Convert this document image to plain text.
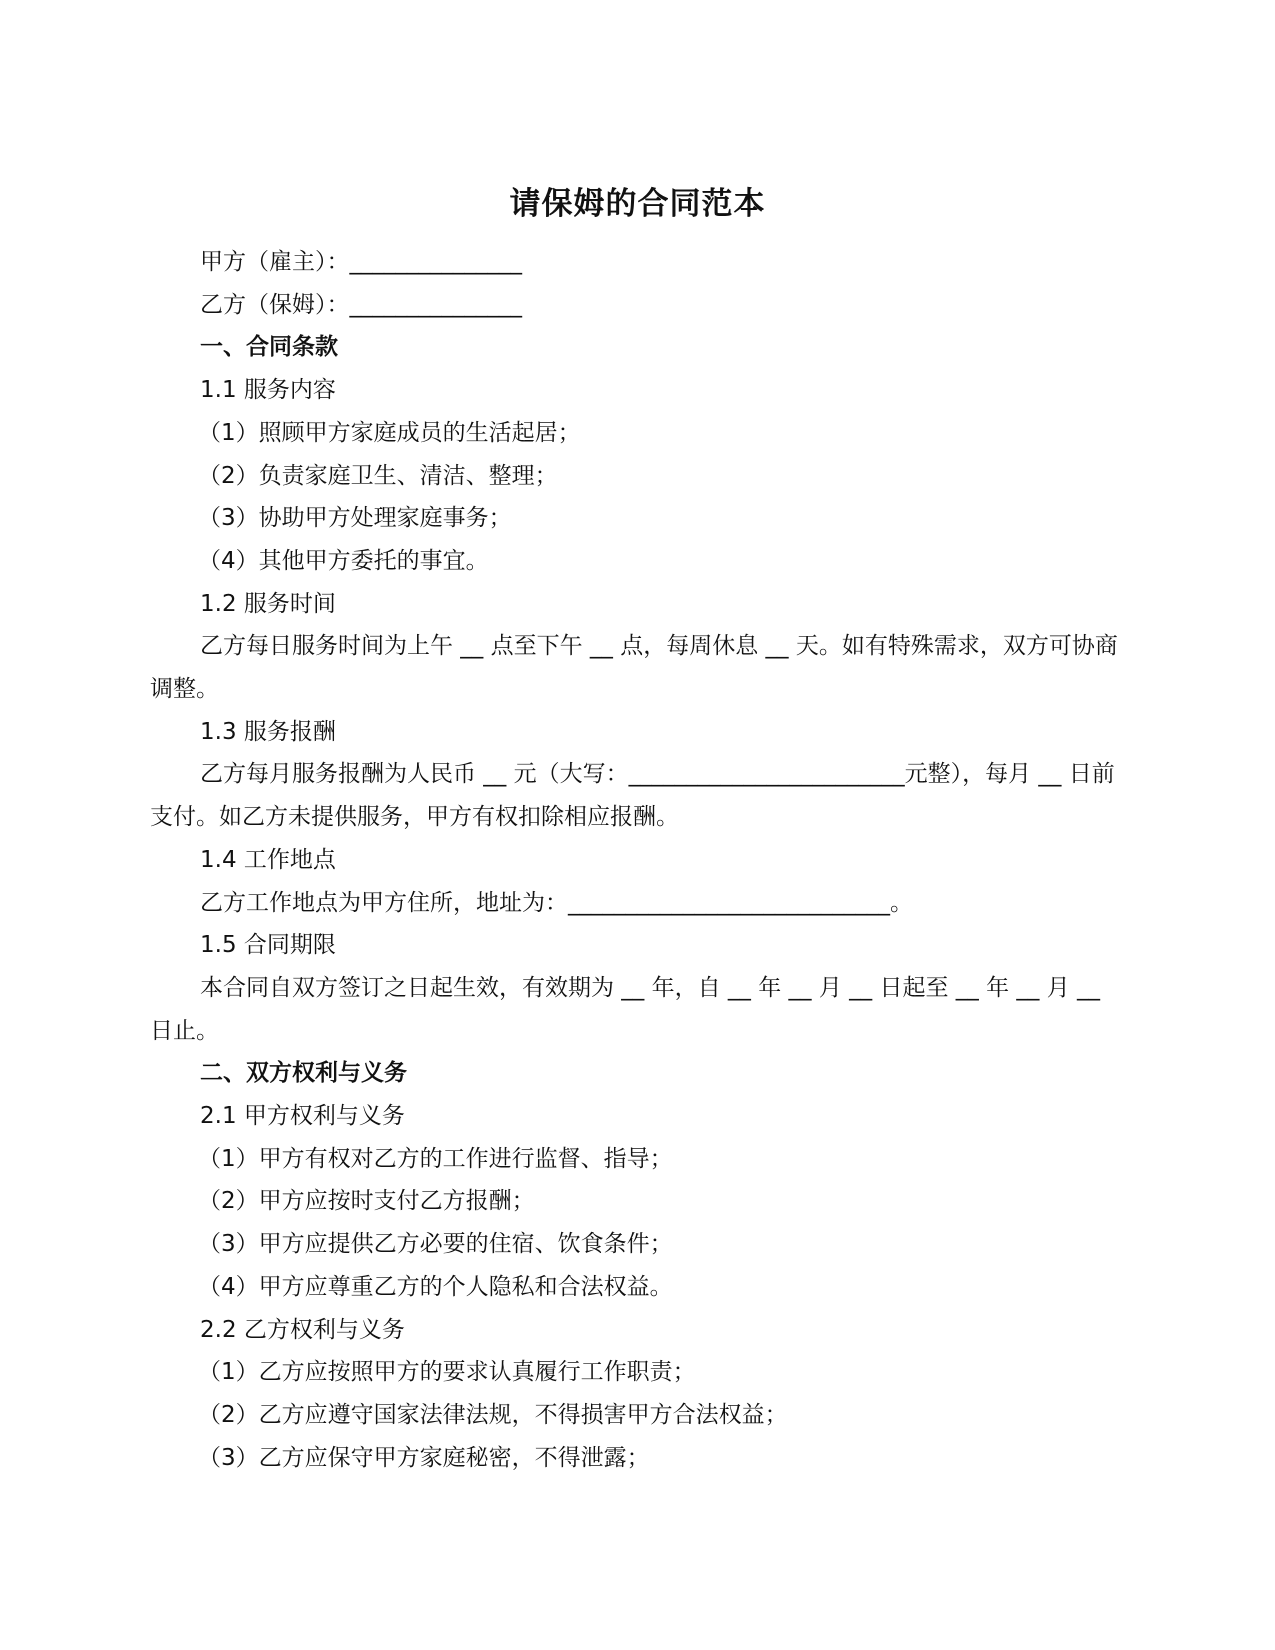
请保姆的合同范本

甲方（雇主）：_______________

乙方（保姆）：_______________

一、合同条款

1.1 服务内容

（1）照顾甲方家庭成员的生活起居；

（2）负责家庭卫生、清洁、整理；

（3）协助甲方处理家庭事务；

（4）其他甲方委托的事宜。

1.2 服务时间

乙方每日服务时间为上午 __ 点至下午 __ 点，每周休息 __ 天。如有特殊需求，双方可协商调整。

1.3 服务报酬

乙方每月服务报酬为人民币 __ 元（大写：________________________元整），每月 __ 日前支付。如乙方未提供服务，甲方有权扣除相应报酬。

1.4 工作地点

乙方工作地点为甲方住所，地址为：____________________________。

1.5 合同期限

本合同自双方签订之日起生效，有效期为 __ 年，自 __ 年 __ 月 __ 日起至 __ 年 __ 月 __ 日止。

二、双方权利与义务

2.1 甲方权利与义务

（1）甲方有权对乙方的工作进行监督、指导；

（2）甲方应按时支付乙方报酬；

（3）甲方应提供乙方必要的住宿、饮食条件；

（4）甲方应尊重乙方的个人隐私和合法权益。

2.2 乙方权利与义务

（1）乙方应按照甲方的要求认真履行工作职责；

（2）乙方应遵守国家法律法规，不得损害甲方合法权益；

（3）乙方应保守甲方家庭秘密，不得泄露；
